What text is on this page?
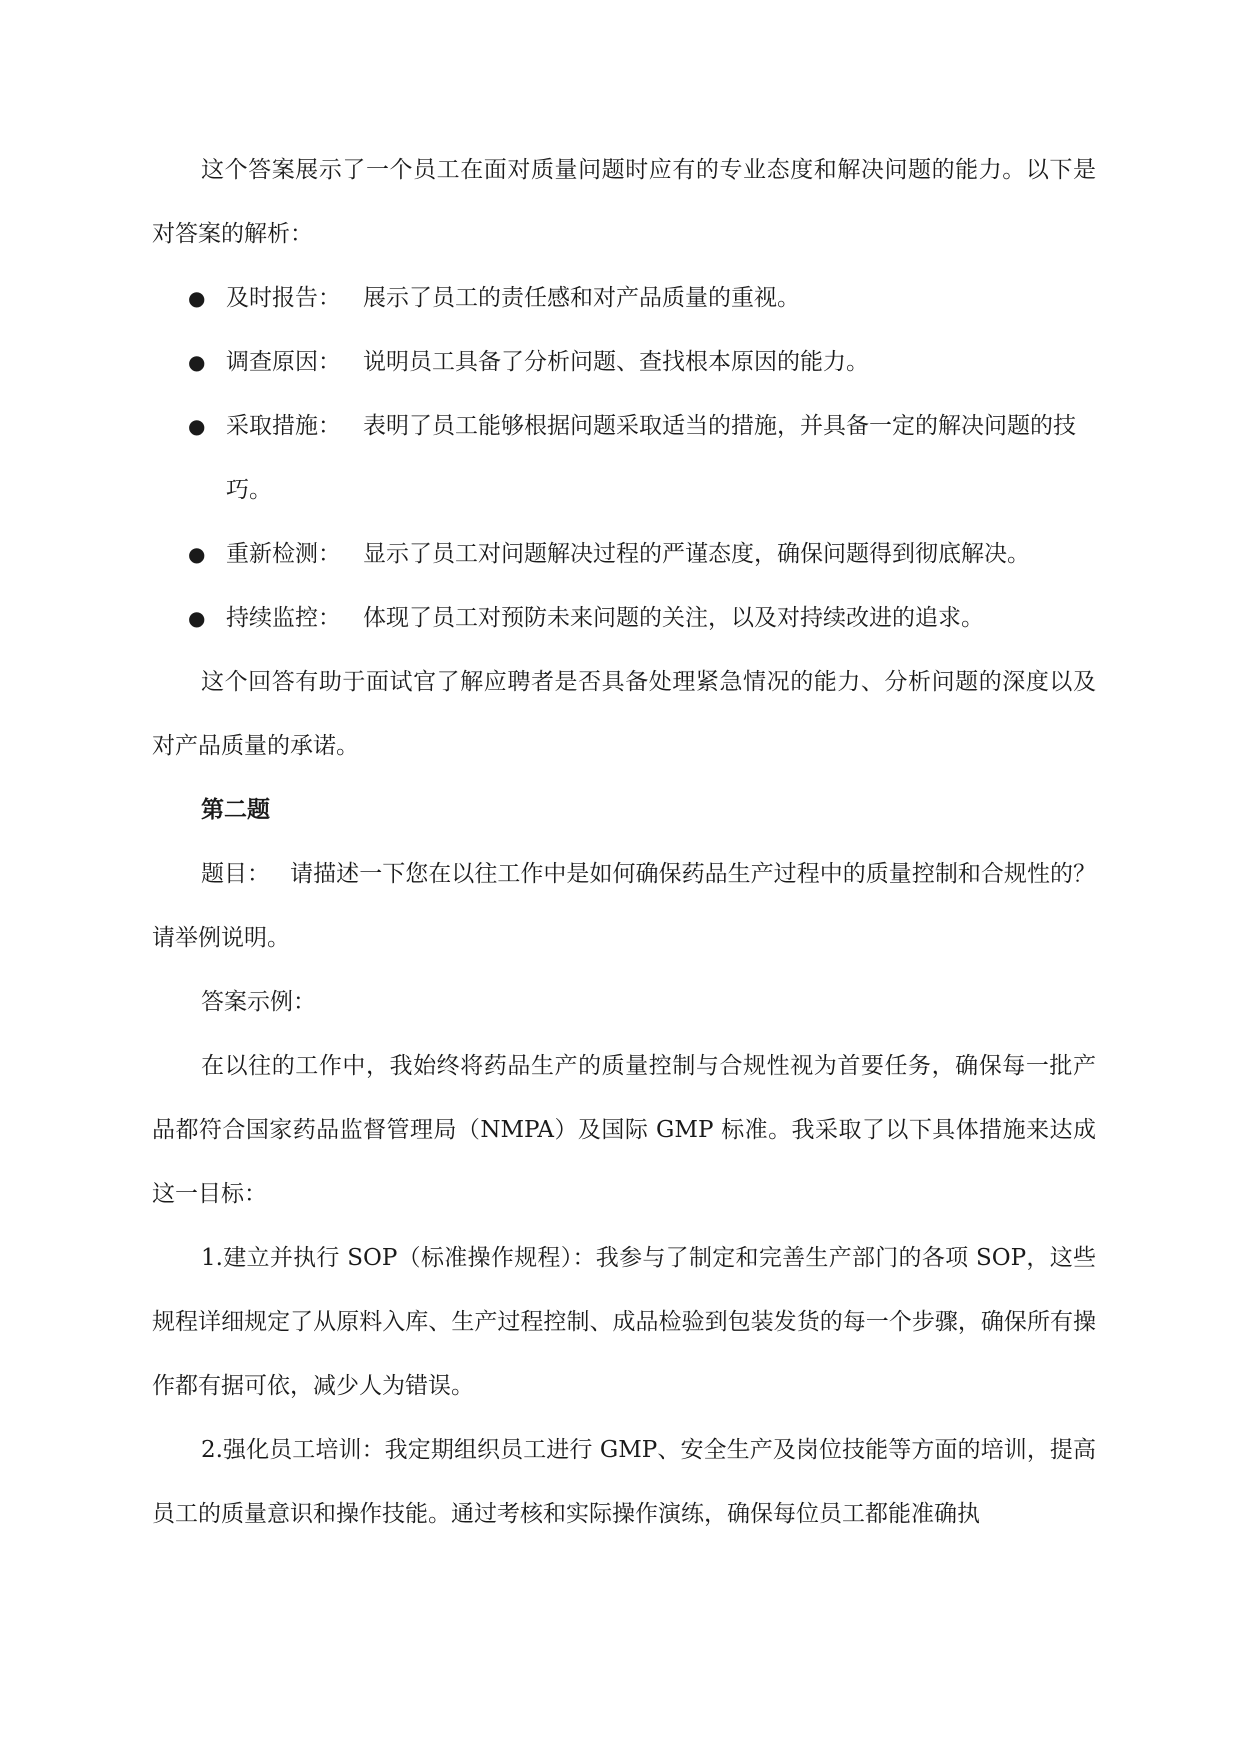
这个答案展示了一个员工在面对质量问题时应有的专业态度和解决问题的能力。以下是对答案的解析：

● 及时报告： 展示了员工的责任感和对产品质量的重视。
● 调查原因： 说明员工具备了分析问题、查找根本原因的能力。
● 采取措施： 表明了员工能够根据问题采取适当的措施，并具备一定的解决问题的技巧。
● 重新检测： 显示了员工对问题解决过程的严谨态度，确保问题得到彻底解决。
● 持续监控： 体现了员工对预防未来问题的关注，以及对持续改进的追求。

这个回答有助于面试官了解应聘者是否具备处理紧急情况的能力、分析问题的深度以及对产品质量的承诺。

第二题

题目： 请描述一下您在以往工作中是如何确保药品生产过程中的质量控制和合规性的？请举例说明。

答案示例：

在以往的工作中，我始终将药品生产的质量控制与合规性视为首要任务，确保每一批产品都符合国家药品监督管理局（NMPA）及国际 GMP 标准。我采取了以下具体措施来达成这一目标：

1.建立并执行 SOP（标准操作规程）：我参与了制定和完善生产部门的各项 SOP，这些规程详细规定了从原料入库、生产过程控制、成品检验到包装发货的每一个步骤，确保所有操作都有据可依，减少人为错误。

2.强化员工培训：我定期组织员工进行 GMP、安全生产及岗位技能等方面的培训，提高员工的质量意识和操作技能。通过考核和实际操作演练，确保每位员工都能准确执
